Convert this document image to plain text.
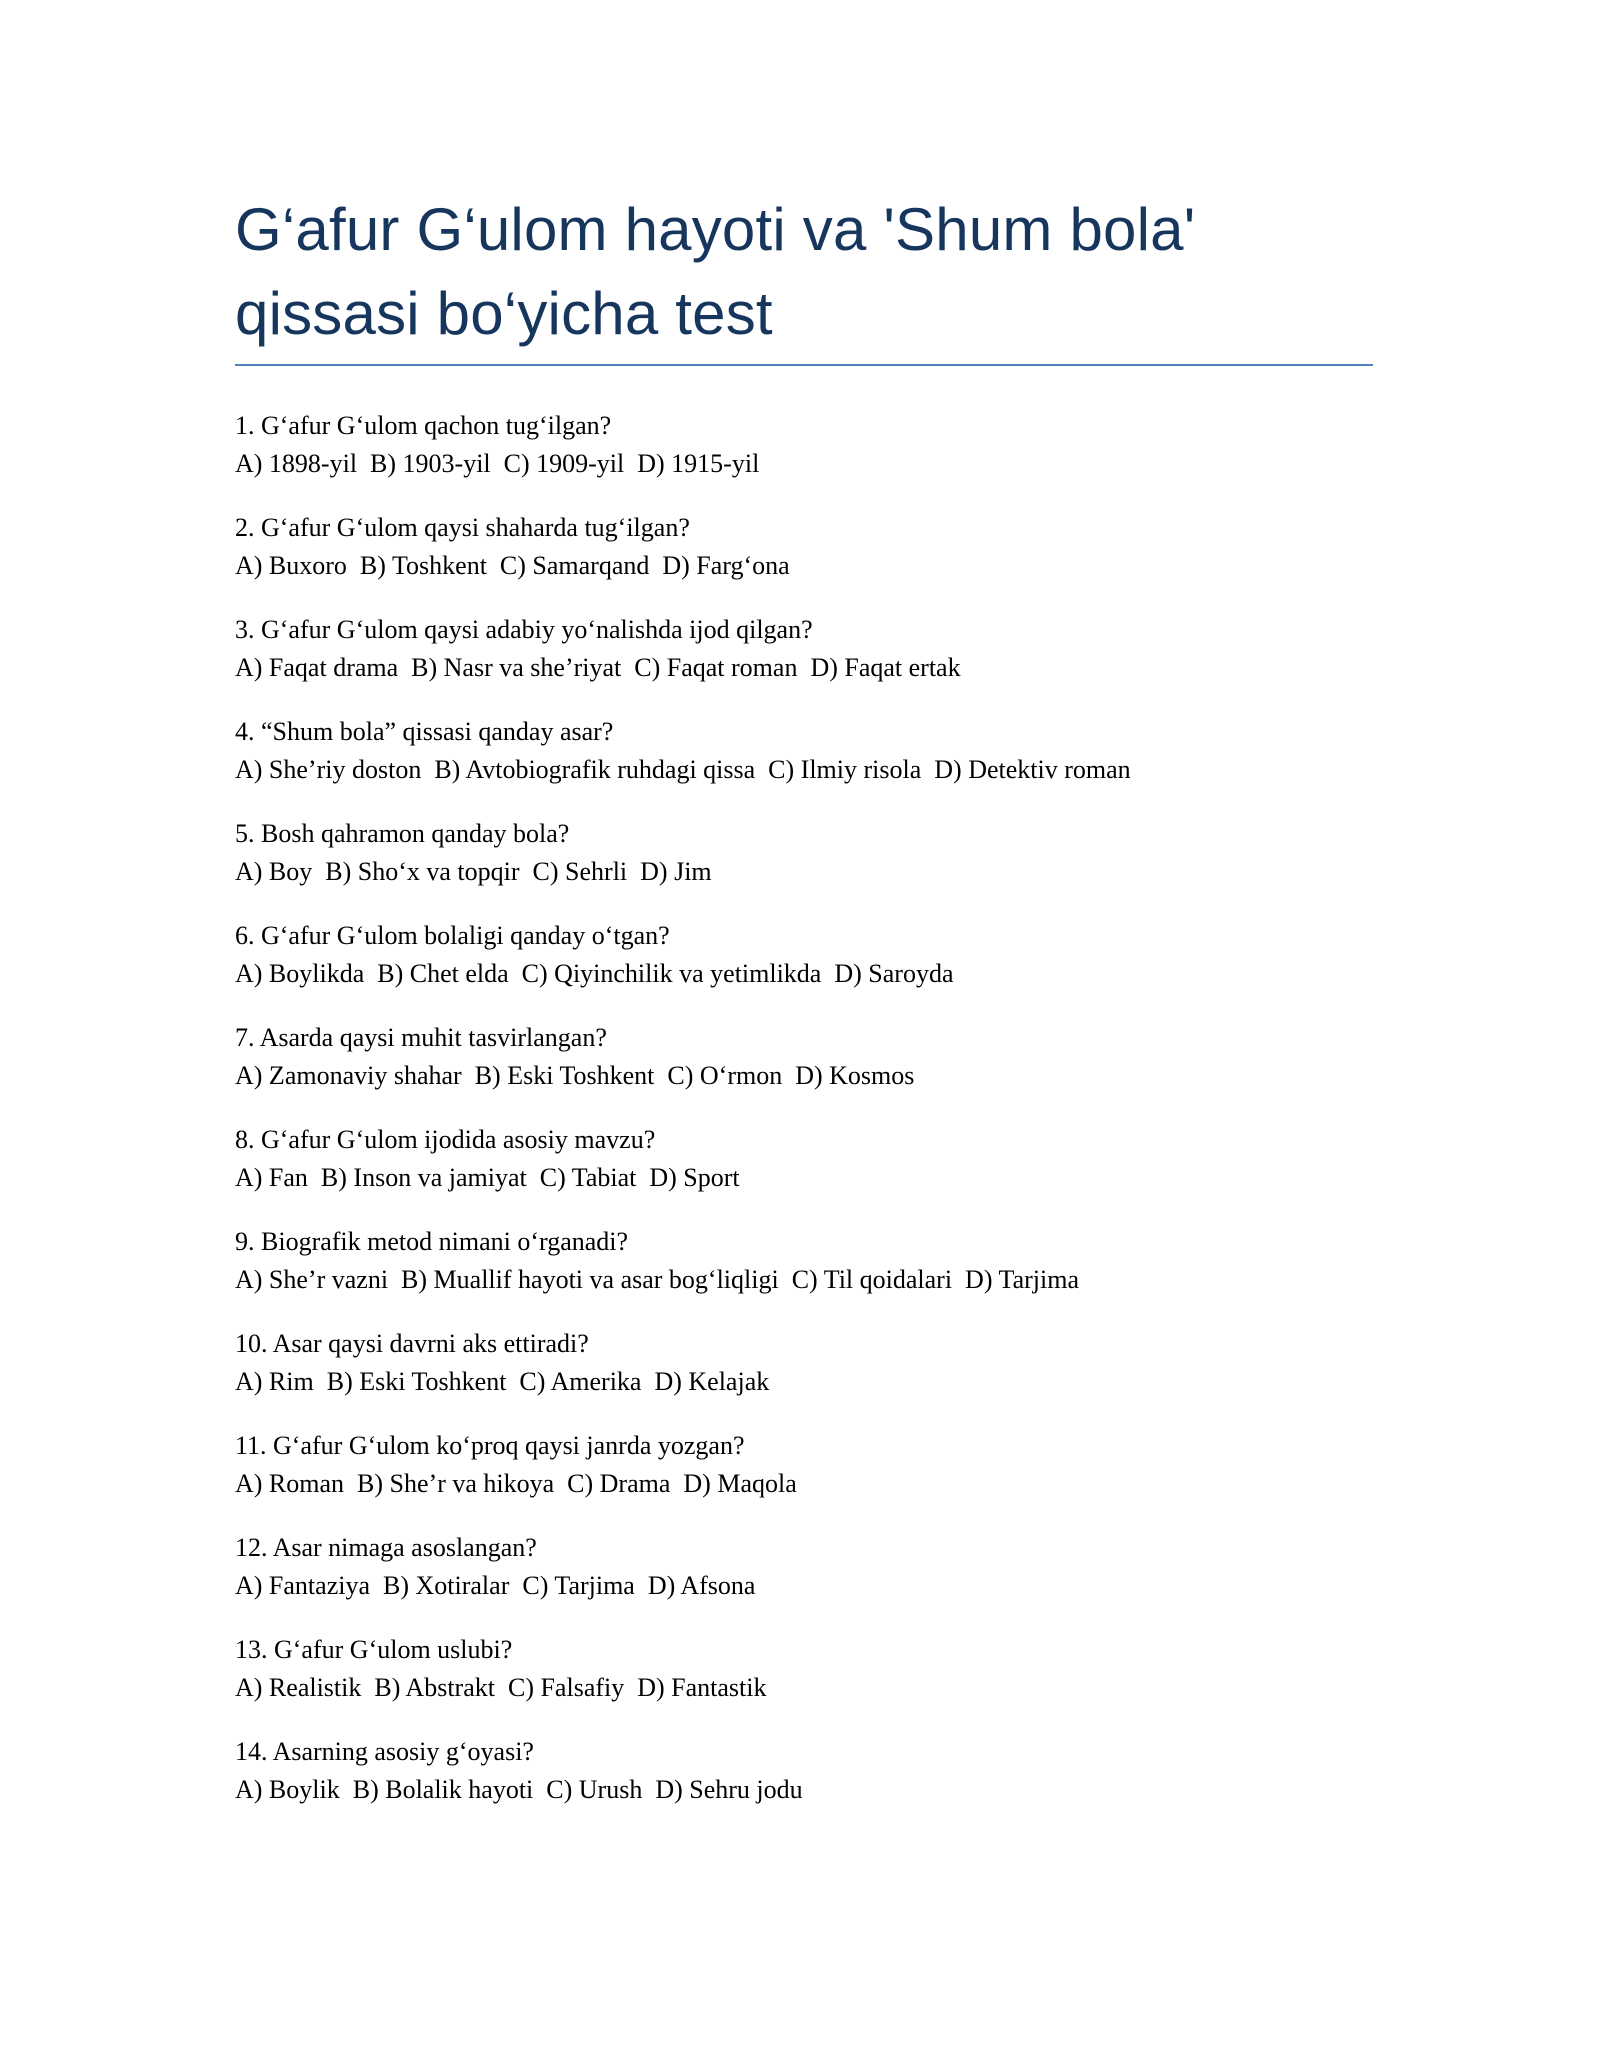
G‘afur G‘ulom hayoti va 'Shum bola'
qissasi bo‘yicha test
1. G‘afur G‘ulom qachon tug‘ilgan?
A) 1898-yil  B) 1903-yil  C) 1909-yil  D) 1915-yil
2. G‘afur G‘ulom qaysi shaharda tug‘ilgan?
A) Buxoro  B) Toshkent  C) Samarqand  D) Farg‘ona
3. G‘afur G‘ulom qaysi adabiy yo‘nalishda ijod qilgan?
A) Faqat drama  B) Nasr va she’riyat  C) Faqat roman  D) Faqat ertak
4. “Shum bola” qissasi qanday asar?
A) She’riy doston  B) Avtobiografik ruhdagi qissa  C) Ilmiy risola  D) Detektiv roman
5. Bosh qahramon qanday bola?
A) Boy  B) Sho‘x va topqir  C) Sehrli  D) Jim
6. G‘afur G‘ulom bolaligi qanday o‘tgan?
A) Boylikda  B) Chet elda  C) Qiyinchilik va yetimlikda  D) Saroyda
7. Asarda qaysi muhit tasvirlangan?
A) Zamonaviy shahar  B) Eski Toshkent  C) O‘rmon  D) Kosmos
8. G‘afur G‘ulom ijodida asosiy mavzu?
A) Fan  B) Inson va jamiyat  C) Tabiat  D) Sport
9. Biografik metod nimani o‘rganadi?
A) She’r vazni  B) Muallif hayoti va asar bog‘liqligi  C) Til qoidalari  D) Tarjima
10. Asar qaysi davrni aks ettiradi?
A) Rim  B) Eski Toshkent  C) Amerika  D) Kelajak
11. G‘afur G‘ulom ko‘proq qaysi janrda yozgan?
A) Roman  B) She’r va hikoya  C) Drama  D) Maqola
12. Asar nimaga asoslangan?
A) Fantaziya  B) Xotiralar  C) Tarjima  D) Afsona
13. G‘afur G‘ulom uslubi?
A) Realistik  B) Abstrakt  C) Falsafiy  D) Fantastik
14. Asarning asosiy g‘oyasi?
A) Boylik  B) Bolalik hayoti  C) Urush  D) Sehru jodu
